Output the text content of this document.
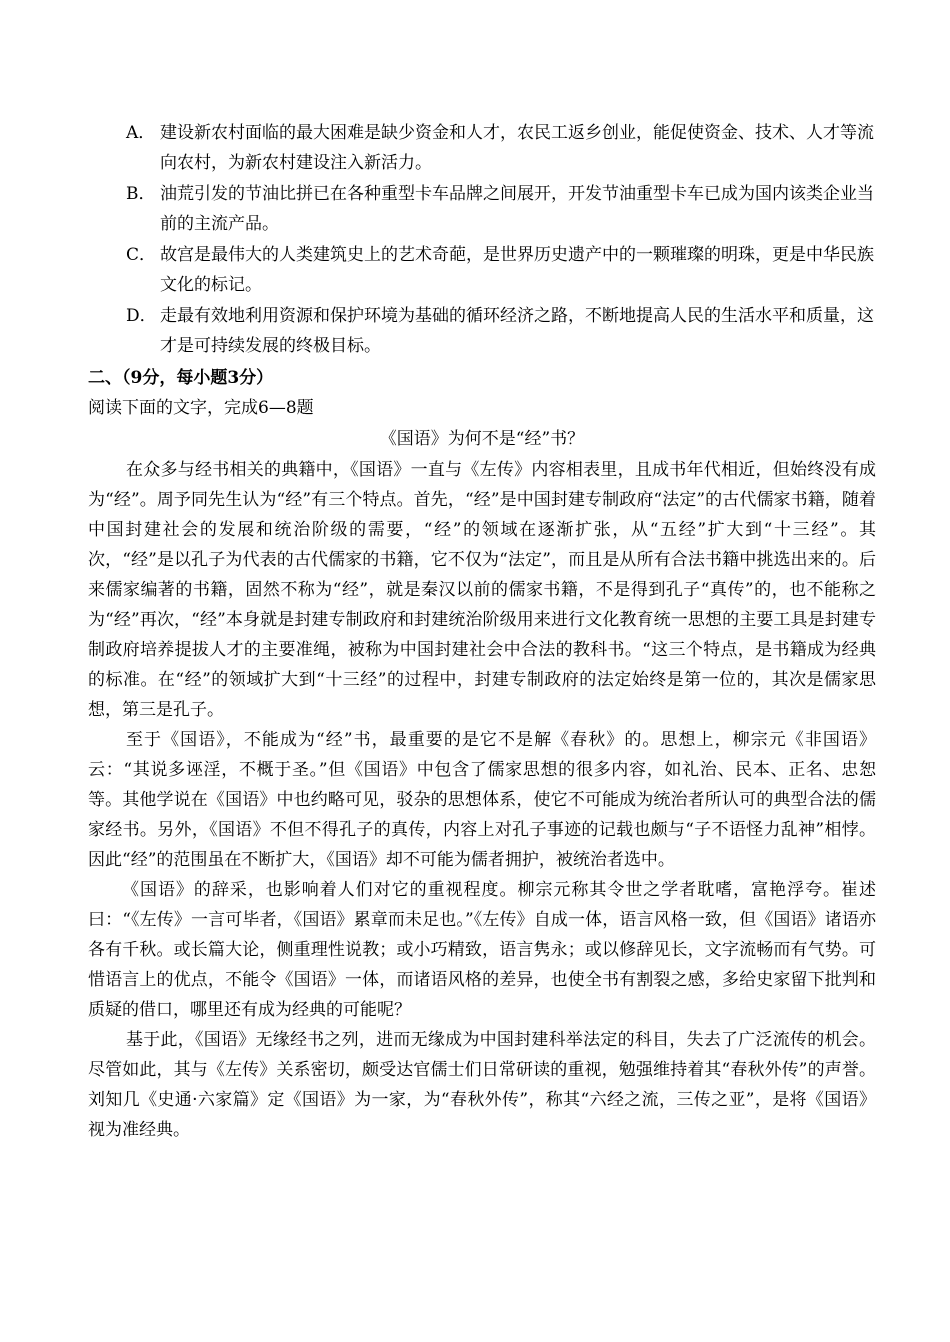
A． 建设新农村面临的最大困难是缺少资金和人才，农民工返乡创业，能促使资金、技术、人才等流向农村，为新农村建设注入新活力。
B． 油荒引发的节油比拼已在各种重型卡车品牌之间展开，开发节油重型卡车已成为国内该类企业当前的主流产品。
C． 故宫是最伟大的人类建筑史上的艺术奇葩，是世界历史遗产中的一颗璀璨的明珠，更是中华民族文化的标记。
D． 走最有效地利用资源和保护环境为基础的循环经济之路，不断地提高人民的生活水平和质量，这才是可持续发展的终极目标。
二、（9分，每小题3分）
阅读下面的文字，完成6—8题
《国语》为何不是“经”书？

在众多与经书相关的典籍中，《国语》一直与《左传》内容相表里，且成书年代相近，但始终没有成为“经”。周予同先生认为“经”有三个特点。首先，“经”是中国封建专制政府“法定”的古代儒家书籍，随着中国封建社会的发展和统治阶级的需要，“经”的领域在逐渐扩张，从“五经”扩大到“十三经”。其次，“经”是以孔子为代表的古代儒家的书籍，它不仅为“法定”，而且是从所有合法书籍中挑选出来的。后来儒家编著的书籍，固然不称为“经”，就是秦汉以前的儒家书籍，不是得到孔子“真传”的，也不能称之为“经”再次，“经”本身就是封建专制政府和封建统治阶级用来进行文化教育统一思想的主要工具是封建专制政府培养提拔人才的主要准绳，被称为中国封建社会中合法的教科书。“这三个特点，是书籍成为经典的标准。在“经”的领域扩大到“十三经”的过程中，封建专制政府的法定始终是第一位的，其次是儒家思想，第三是孔子。

至于《国语》，不能成为“经”书，最重要的是它不是解《春秋》的。思想上，柳宗元《非国语》云：“其说多诬淫，不概于圣。”但《国语》中包含了儒家思想的很多内容，如礼治、民本、正名、忠恕等。其他学说在《国语》中也约略可见，驳杂的思想体系，使它不可能成为统治者所认可的典型合法的儒家经书。另外，《国语》不但不得孔子的真传，内容上对孔子事迹的记载也颇与“子不语怪力乱神”相悖。因此“经”的范围虽在不断扩大，《国语》却不可能为儒者拥护，被统治者选中。

《国语》的辞采，也影响着人们对它的重视程度。柳宗元称其令世之学者耽嗜，富艳浮夸。崔述曰：“《左传》一言可毕者，《国语》累章而未足也。”《左传》自成一体，语言风格一致，但《国语》诸语亦各有千秋。或长篇大论，侧重理性说教；或小巧精致，语言隽永；或以修辞见长，文字流畅而有气势。可惜语言上的优点，不能令《国语》一体，而诸语风格的差异，也使全书有割裂之感，多给史家留下批判和质疑的借口，哪里还有成为经典的可能呢？

基于此，《国语》无缘经书之列，进而无缘成为中国封建科举法定的科目，失去了广泛流传的机会。尽管如此，其与《左传》关系密切，颇受达官儒士们日常研读的重视，勉强维持着其“春秋外传”的声誉。刘知几《史通·六家篇》定《国语》为一家，为“春秋外传”，称其“六经之流，三传之亚”，是将《国语》视为准经典。
